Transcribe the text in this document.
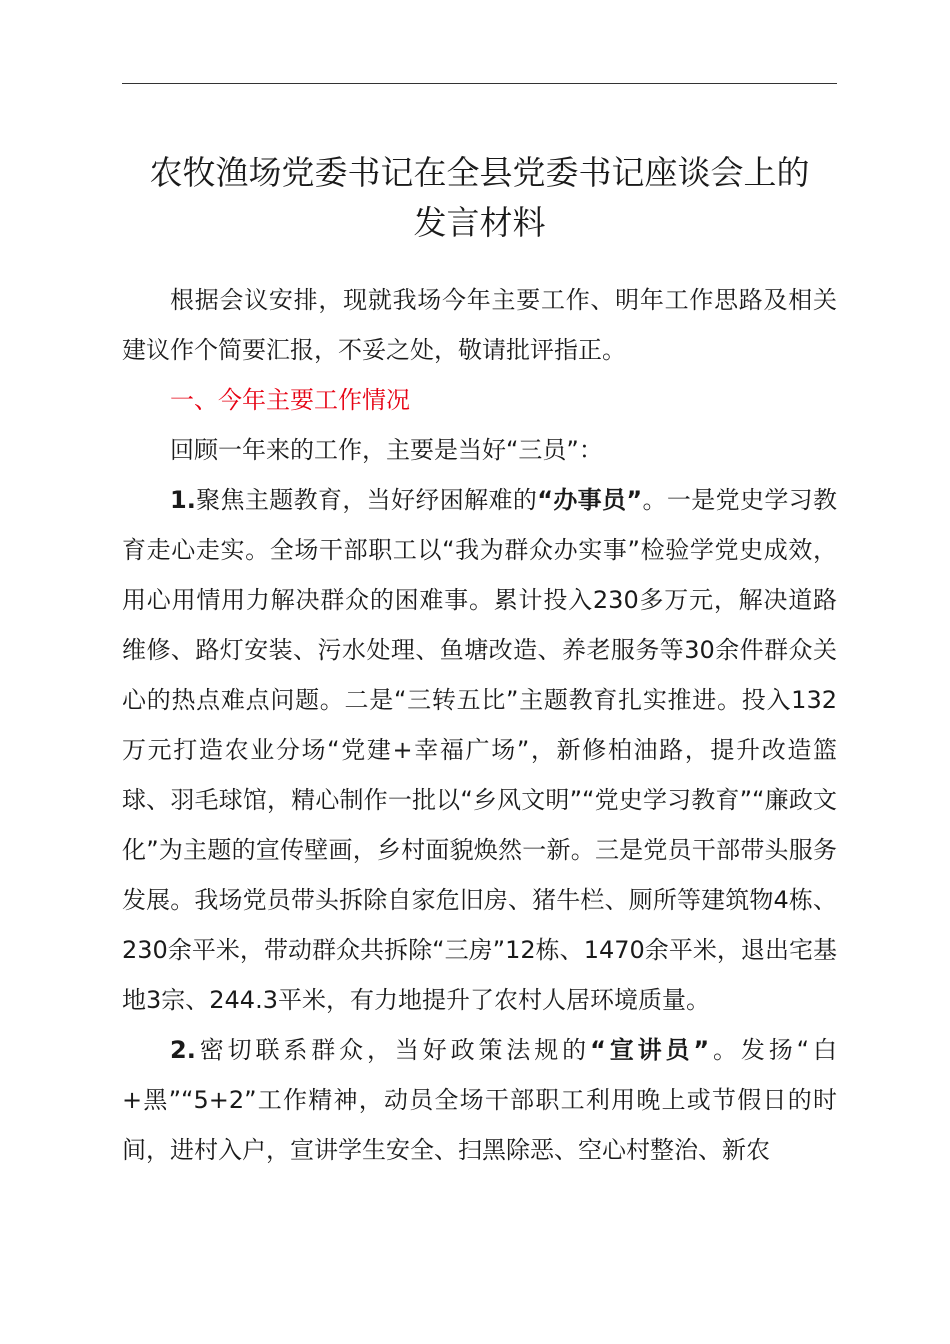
农牧渔场党委书记在全县党委书记座谈会上的
发言材料

根据会议安排，现就我场今年主要工作、明年工作思路及相关建议作个简要汇报，不妥之处，敬请批评指正。

一、今年主要工作情况

回顾一年来的工作，主要是当好“三员”：

1.聚焦主题教育，当好纾困解难的“办事员”。一是党史学习教育走心走实。全场干部职工以“我为群众办实事”检验学党史成效，用心用情用力解决群众的困难事。累计投入230多万元，解决道路维修、路灯安装、污水处理、鱼塘改造、养老服务等30余件群众关心的热点难点问题。二是“三转五比”主题教育扎实推进。投入132万元打造农业分场“党建+幸福广场”，新修柏油路，提升改造篮球、羽毛球馆，精心制作一批以“乡风文明”“党史学习教育”“廉政文化”为主题的宣传壁画，乡村面貌焕然一新。三是党员干部带头服务发展。我场党员带头拆除自家危旧房、猪牛栏、厕所等建筑物4栋、230余平米，带动群众共拆除“三房”12栋、1470余平米，退出宅基地3宗、244.3平米，有力地提升了农村人居环境质量。

2.密切联系群众，当好政策法规的“宣讲员”。发扬“白+黑”“5+2”工作精神，动员全场干部职工利用晚上或节假日的时间，进村入户，宣讲学生安全、扫黑除恶、空心村整治、新农
